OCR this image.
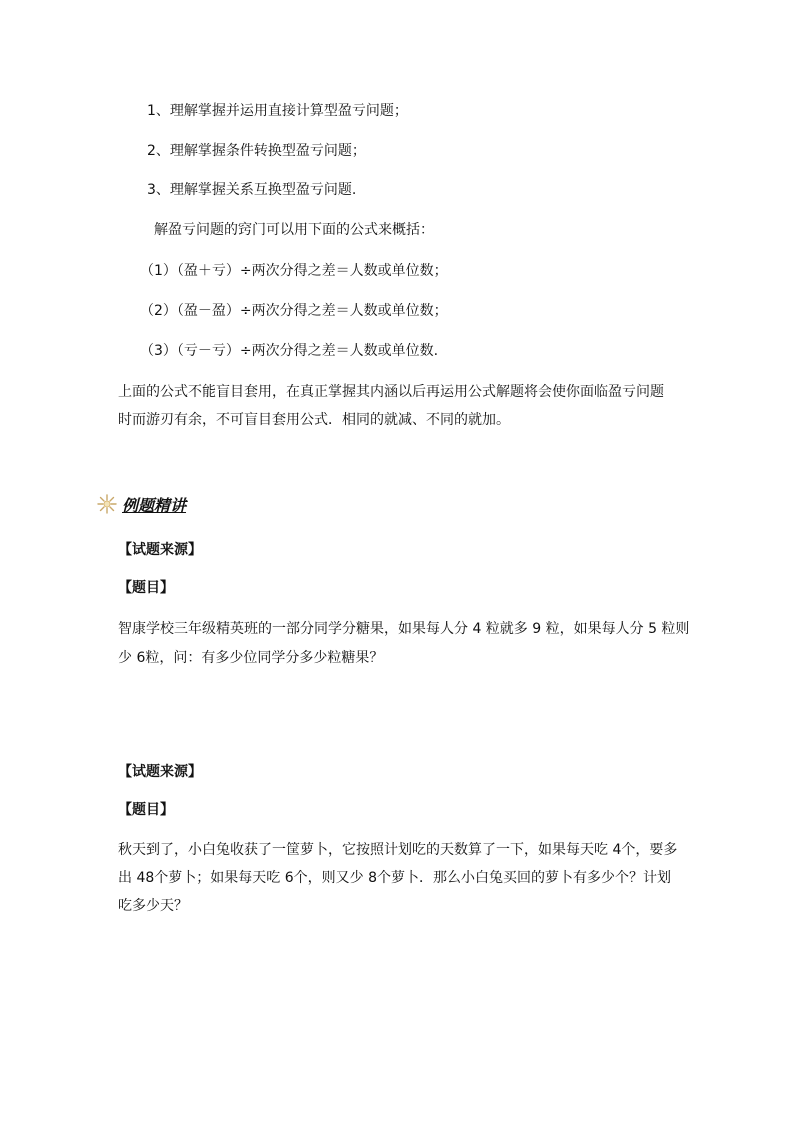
1、理解掌握并运用直接计算型盈亏问题；
2、理解掌握条件转换型盈亏问题；
3、理解掌握关系互换型盈亏问题.
解盈亏问题的窍门可以用下面的公式来概括：
（1）（盈＋亏）÷两次分得之差＝人数或单位数；
（2）（盈－盈）÷两次分得之差＝人数或单位数；
（3）（亏－亏）÷两次分得之差＝人数或单位数.
上面的公式不能盲目套用，在真正掌握其内涵以后再运用公式解题将会使你面临盈亏问题
时而游刃有余，不可盲目套用公式．相同的就减、不同的就加。
例题精讲
【试题来源】
【题目】
智康学校三年级精英班的一部分同学分糖果，如果每人分 4 粒就多 9 粒，如果每人分 5 粒则
少 6粒，问：有多少位同学分多少粒糖果？
【试题来源】
【题目】
秋天到了，小白兔收获了一筐萝卜，它按照计划吃的天数算了一下，如果每天吃 4个，要多
出 48个萝卜；如果每天吃 6个，则又少 8个萝卜．那么小白兔买回的萝卜有多少个？计划
吃多少天？
